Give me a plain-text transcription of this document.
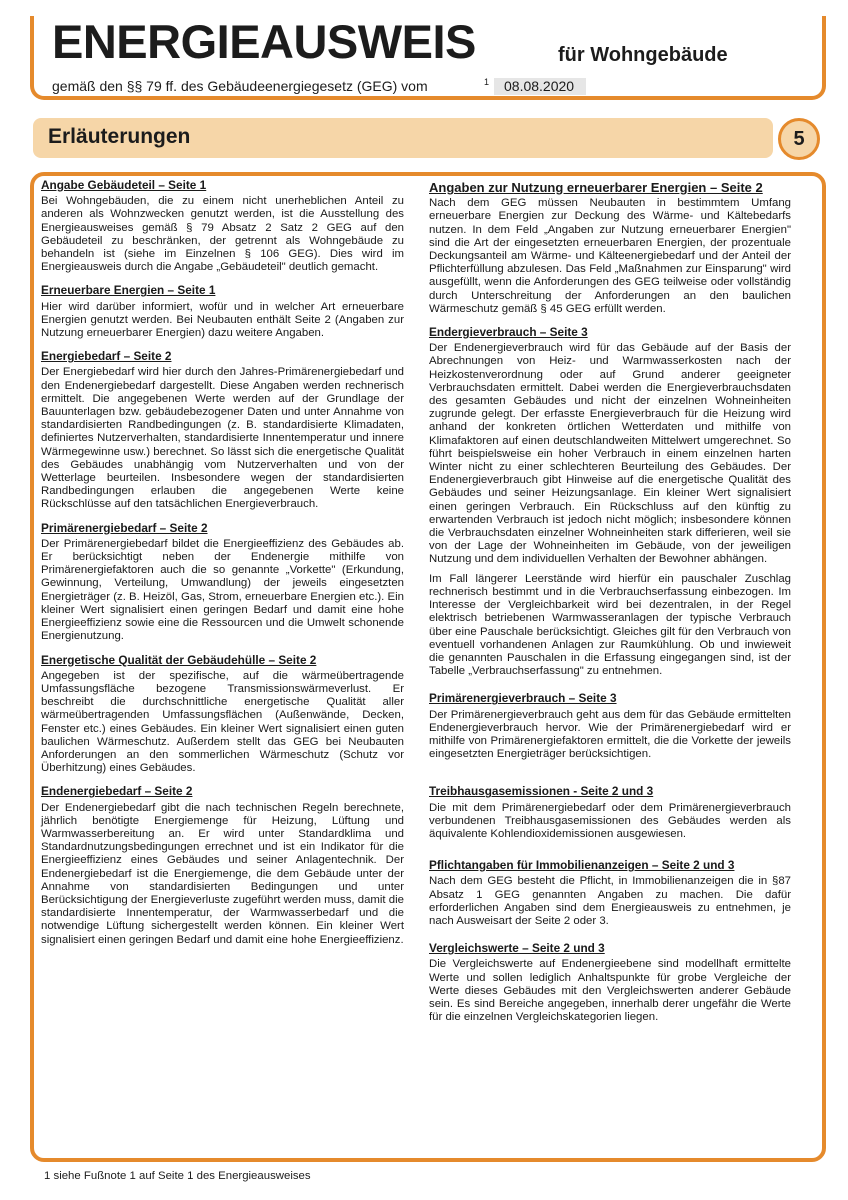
ENERGIEAUSWEIS	für Wohngebäude
gemäß den §§ 79 ff. des Gebäudeenergiegesetz (GEG) vom	1	08.08.2020
Erläuterungen	5
Angabe Gebäudeteil – Seite 1

Bei Wohngebäuden, die zu einem nicht unerheblichen Anteil zu anderen als Wohnzwecken genutzt werden, ist die Ausstellung des Energieausweises gemäß § 79 Absatz 2 Satz 2 GEG auf den Gebäudeteil zu beschränken, der getrennt als Wohngebäude zu behandeln ist (siehe im Einzelnen § 106 GEG). Dies wird im Energieausweis durch die Angabe „Gebäudeteil" deutlich gemacht.

Erneuerbare Energien – Seite 1

Hier wird darüber informiert, wofür und in welcher Art erneuerbare Energien genutzt werden. Bei Neubauten enthält Seite 2 (Angaben zur Nutzung erneuerbarer Energien) dazu weitere Angaben.

Energiebedarf – Seite 2

Der Energiebedarf wird hier durch den Jahres-Primärenergiebedarf und den Endenergiebedarf dargestellt. Diese Angaben werden rechnerisch ermittelt. Die angegebenen Werte werden auf der Grundlage der Bauunterlagen bzw. gebäudebezogener Daten und unter Annahme von standardisierten Randbedingungen (z. B. standardisierte Klimadaten, definiertes Nutzerverhalten, standardisierte Innentemperatur und innere Wärmegewinne usw.) berechnet. So lässt sich die energetische Qualität des Gebäudes unabhängig vom Nutzerverhalten und von der Wetterlage beurteilen. Insbesondere wegen der standardisierten Randbedingungen erlauben die angegebenen Werte keine Rückschlüsse auf den tatsächlichen Energieverbrauch.

Primärenergiebedarf – Seite 2

Der Primärenergiebedarf bildet die Energieeffizienz des Gebäudes ab. Er berücksichtigt neben der Endenergie mithilfe von Primärenergiefaktoren auch die so genannte „Vorkette" (Erkundung, Gewinnung, Verteilung, Umwandlung) der jeweils eingesetzten Energieträger (z. B. Heizöl, Gas, Strom, erneuerbare Energien etc.). Ein kleiner Wert signalisiert einen geringen Bedarf und damit eine hohe Energieeffizienz sowie eine die Ressourcen und die Umwelt schonende Energienutzung.

Energetische Qualität der Gebäudehülle – Seite 2

Angegeben ist der spezifische, auf die wärmeübertragende Umfassungsfläche bezogene Transmissionswärmeverlust. Er beschreibt die durchschnittliche energetische Qualität aller wärmeübertragenden Umfassungsflächen (Außenwände, Decken, Fenster etc.) eines Gebäudes. Ein kleiner Wert signalisiert einen guten baulichen Wärmeschutz. Außerdem stellt das GEG bei Neubauten Anforderungen an den sommerlichen Wärmeschutz (Schutz vor Überhitzung) eines Gebäudes.

Endenergiebedarf – Seite 2

Der Endenergiebedarf gibt die nach technischen Regeln berechnete, jährlich benötigte Energiemenge für Heizung, Lüftung und Warmwasserbereitung an. Er wird unter Standardklima und Standardnutzungsbedingungen errechnet und ist ein Indikator für die Energieeffizienz eines Gebäudes und seiner Anlagentechnik. Der Endenergiebedarf ist die Energiemenge, die dem Gebäude unter der Annahme von standardisierten Bedingungen und unter Berücksichtigung der Energieverluste zugeführt werden muss, damit die standardisierte Innentemperatur, der Warmwasserbedarf und die notwendige Lüftung sichergestellt werden können. Ein kleiner Wert signalisiert einen geringen Bedarf und damit eine hohe Energieeffizienz.

Angaben zur Nutzung erneuerbarer Energien – Seite 2

Nach dem GEG müssen Neubauten in bestimmtem Umfang erneuerbare Energien zur Deckung des Wärme- und Kältebedarfs nutzen. In dem Feld „Angaben zur Nutzung erneuerbarer Energien" sind die Art der eingesetzten erneuerbaren Energien, der prozentuale Deckungsanteil am Wärme- und Kälteenergiebedarf und der Anteil der Pflichterfüllung abzulesen. Das Feld „Maßnahmen zur Einsparung" wird ausgefüllt, wenn die Anforderungen des GEG teilweise oder vollständig durch Unterschreitung der Anforderungen an den baulichen Wärmeschutz gemäß § 45 GEG erfüllt werden.

Endergieverbrauch – Seite 3

Der Endenergieverbrauch wird für das Gebäude auf der Basis der Abrechnungen von Heiz- und Warmwasserkosten nach der Heizkostenverordnung oder auf Grund anderer geeigneter Verbrauchsdaten ermittelt. Dabei werden die Energieverbrauchsdaten des gesamten Gebäudes und nicht der einzelnen Wohneinheiten zugrunde gelegt. Der erfasste Energieverbrauch für die Heizung wird anhand der konkreten örtlichen Wetterdaten und mithilfe von Klimafaktoren auf einen deutschlandweiten Mittelwert umgerechnet. So führt beispielsweise ein hoher Verbrauch in einem einzelnen harten Winter nicht zu einer schlechteren Beurteilung des Gebäudes. Der Endenergieverbrauch gibt Hinweise auf die energetische Qualität des Gebäudes und seiner Heizungsanlage. Ein kleiner Wert signalisiert einen geringen Verbrauch. Ein Rückschluss auf den künftig zu erwartenden Verbrauch ist jedoch nicht möglich; insbesondere können die Verbrauchsdaten einzelner Wohneinheiten stark differieren, weil sie von der Lage der Wohneinheiten im Gebäude, von der jeweiligen Nutzung und dem individuellen Verhalten der Bewohner abhängen.

Im Fall längerer Leerstände wird hierfür ein pauschaler Zuschlag rechnerisch bestimmt und in die Verbrauchserfassung einbezogen. Im Interesse der Vergleichbarkeit wird bei dezentralen, in der Regel elektrisch betriebenen Warmwasseranlagen der typische Verbrauch über eine Pauschale berücksichtigt. Gleiches gilt für den Verbrauch von eventuell vorhandenen Anlagen zur Raumkühlung. Ob und inwieweit die genannten Pauschalen in die Erfassung eingegangen sind, ist der Tabelle „Verbrauchserfassung" zu entnehmen.

Primärenergieverbrauch – Seite 3

Der Primärenergieverbrauch geht aus dem für das Gebäude ermittelten Endenergieverbrauch hervor. Wie der Primärenergiebedarf wird er mithilfe von Primärenergiefaktoren ermittelt, die die Vorkette der jeweils eingesetzten Energieträger berücksichtigen.

Treibhausgasemissionen - Seite 2 und 3

Die mit dem Primärenergiebedarf oder dem Primärenergieverbrauch verbundenen Treibhausgasemissionen des Gebäudes werden als äquivalente Kohlendioxidemissionen ausgewiesen.

Pflichtangaben für Immobilienanzeigen – Seite 2 und 3

Nach dem GEG besteht die Pflicht, in Immobilienanzeigen die in §87 Absatz 1 GEG genannten Angaben zu machen. Die dafür erforderlichen Angaben sind dem Energieausweis zu entnehmen, je nach Ausweisart der Seite 2 oder 3.

Vergleichswerte – Seite 2 und 3

Die Vergleichswerte auf Endenergieebene sind modellhaft ermittelte Werte und sollen lediglich Anhaltspunkte für grobe Vergleiche der Werte dieses Gebäudes mit den Vergleichswerten anderer Gebäude sein. Es sind Bereiche angegeben, innerhalb derer ungefähr die Werte für die einzelnen Vergleichskategorien liegen.

1 siehe Fußnote 1 auf Seite 1 des Energieausweises
